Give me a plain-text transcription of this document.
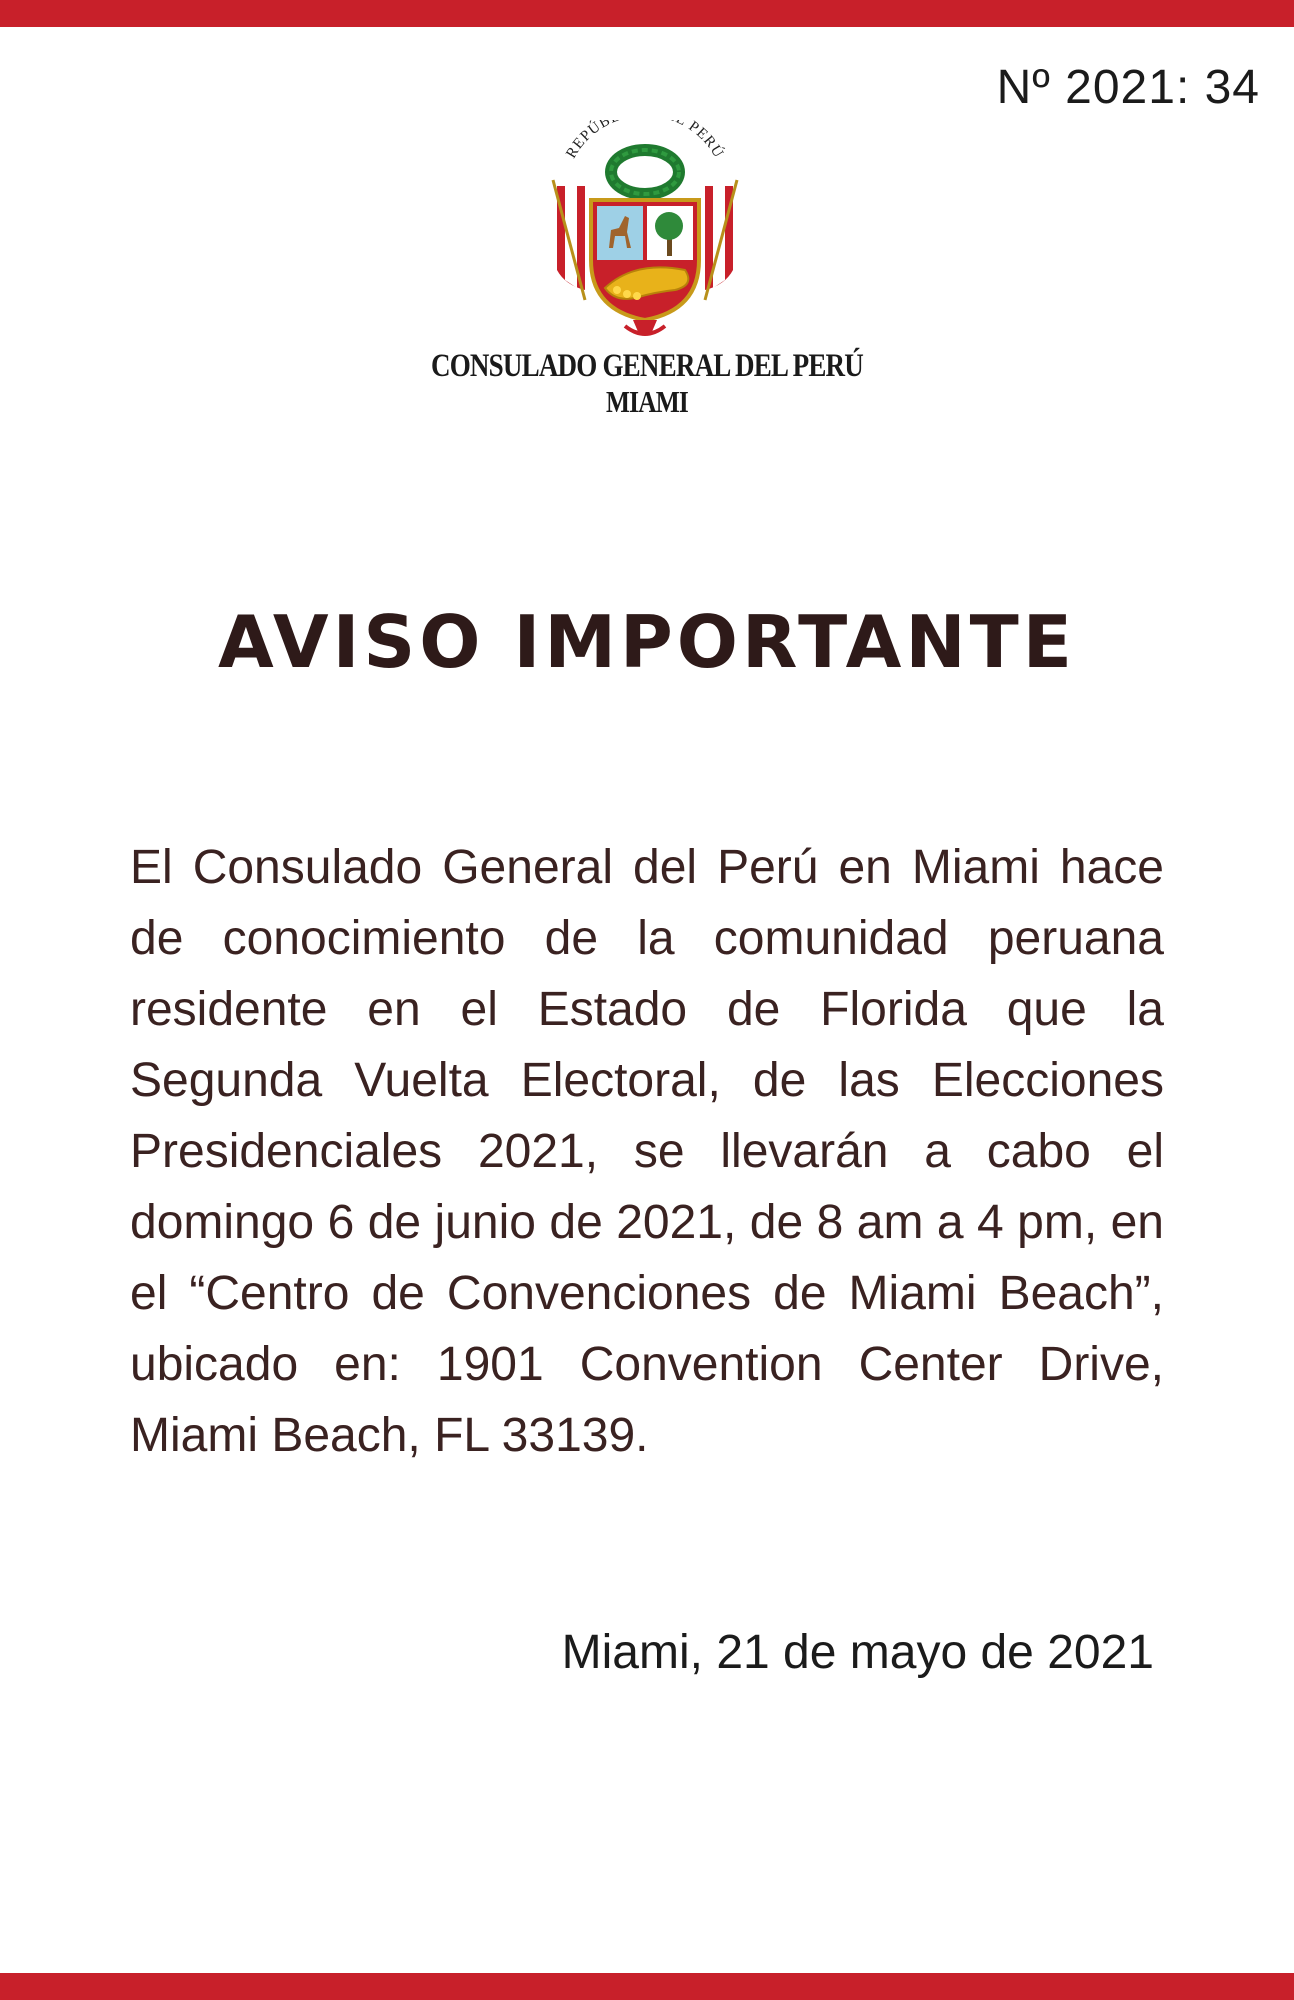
Nº 2021: 34
REPÚB PERÚ
CONSULADO GENERAL DEL PERÚ
MIAMI
AVISO IMPORTANTE
El Consulado General del Perú en Miami hace de conocimiento de la comunidad peruana residente en el Estado de Florida que la Segunda Vuelta Electoral, de las Elecciones Presidenciales 2021, se llevarán a cabo el domingo 6 de junio de 2021, de 8 am a 4 pm, en el “Centro de Convenciones de Miami Beach”, ubicado en: 1901 Convention Center Drive, Miami Beach, FL 33139.
Miami, 21 de mayo de 2021
